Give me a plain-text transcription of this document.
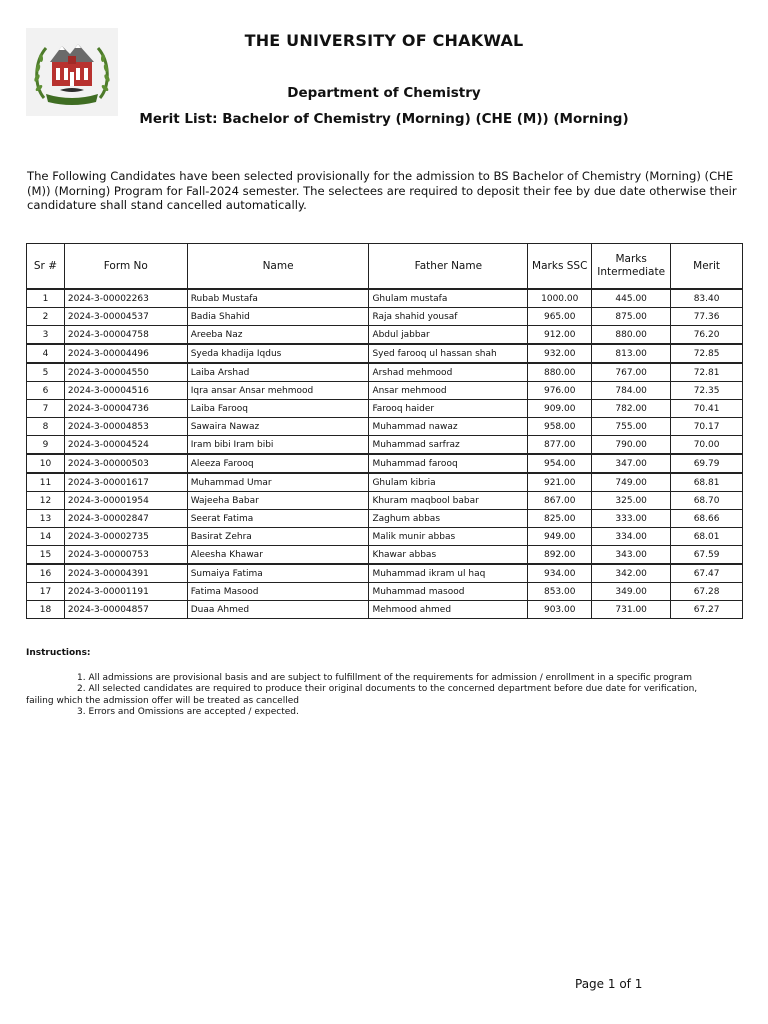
THE UNIVERSITY OF CHAKWAL
Department of Chemistry
Merit List: Bachelor of Chemistry (Morning) (CHE (M)) (Morning)
The Following Candidates have been selected provisionally for the admission to BS Bachelor of Chemistry (Morning) (CHE (M)) (Morning) Program for Fall-2024 semester. The selectees are required to deposit their fee by due date otherwise their candidature shall stand cancelled automatically.
Sr #	Form No	Name	Father Name	Marks SSC	Marks
Intermediate	Merit
1	2024-3-00002263	Rubab Mustafa	Ghulam mustafa	1000.00	445.00	83.40
2	2024-3-00004537	Badia Shahid	Raja shahid yousaf	965.00	875.00	77.36
3	2024-3-00004758	Areeba Naz	Abdul jabbar	912.00	880.00	76.20
4	2024-3-00004496	Syeda khadija Iqdus	Syed farooq ul hassan shah	932.00	813.00	72.85
5	2024-3-00004550	Laiba Arshad	Arshad mehmood	880.00	767.00	72.81
6	2024-3-00004516	Iqra ansar Ansar mehmood	Ansar mehmood	976.00	784.00	72.35
7	2024-3-00004736	Laiba Farooq	Farooq haider	909.00	782.00	70.41
8	2024-3-00004853	Sawaira Nawaz	Muhammad nawaz	958.00	755.00	70.17
9	2024-3-00004524	Iram bibi Iram bibi	Muhammad sarfraz	877.00	790.00	70.00
10	2024-3-00000503	Aleeza Farooq	Muhammad farooq	954.00	347.00	69.79
11	2024-3-00001617	Muhammad Umar	Ghulam kibria	921.00	749.00	68.81
12	2024-3-00001954	Wajeeha Babar	Khuram maqbool babar	867.00	325.00	68.70
13	2024-3-00002847	Seerat Fatima	Zaghum abbas	825.00	333.00	68.66
14	2024-3-00002735	Basirat Zehra	Malik munir abbas	949.00	334.00	68.01
15	2024-3-00000753	Aleesha Khawar	Khawar abbas	892.00	343.00	67.59
16	2024-3-00004391	Sumaiya Fatima	Muhammad ikram ul haq	934.00	342.00	67.47
17	2024-3-00001191	Fatima Masood	Muhammad masood	853.00	349.00	67.28
18	2024-3-00004857	Duaa Ahmed	Mehmood ahmed	903.00	731.00	67.27
Instructions:
1. All admissions are provisional basis and are subject to fulfillment of the requirements for admission / enrollment in a specific program
2. All selected candidates are required to produce their original documents to the concerned department before due date for verification,
failing which the admission offer will be treated as cancelled
3. Errors and Omissions are accepted / expected.
Page 1 of 1
